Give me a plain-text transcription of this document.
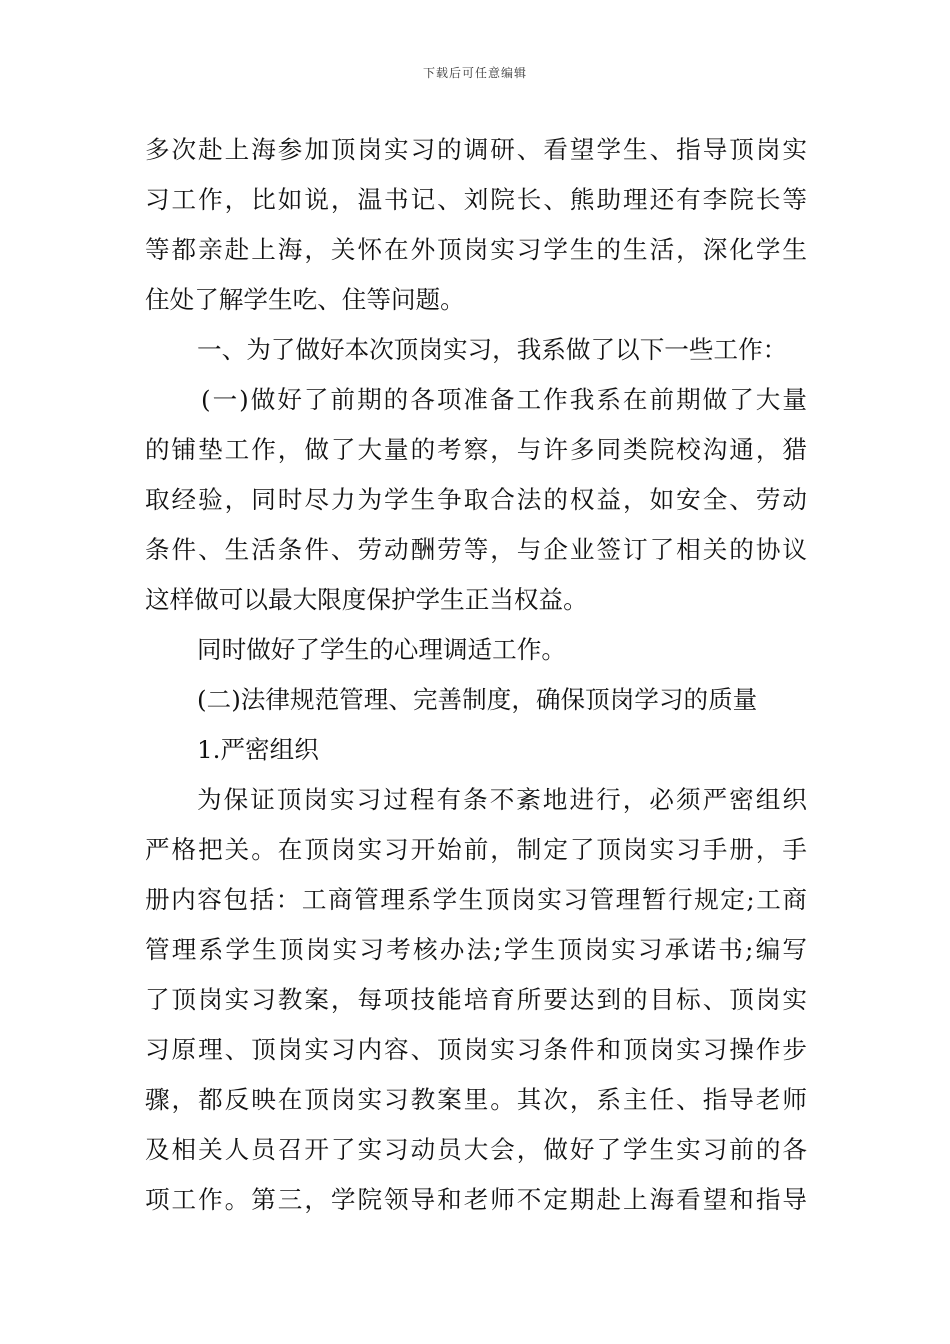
下载后可任意编辑
多次赴上海参加顶岗实习的调研、看望学生、指导顶岗实
习工作，比如说，温书记、刘院长、熊助理还有李院长等
等都亲赴上海，关怀在外顶岗实习学生的生活，深化学生
住处了解学生吃、住等问题。
一、为了做好本次顶岗实习，我系做了以下一些工作：
(一)做好了前期的各项准备工作我系在前期做了大量
的铺垫工作，做了大量的考察，与许多同类院校沟通，猎
取经验，同时尽力为学生争取合法的权益，如安全、劳动
条件、生活条件、劳动酬劳等，与企业签订了相关的协议
这样做可以最大限度保护学生正当权益。
同时做好了学生的心理调适工作。
(二)法律规范管理、完善制度，确保顶岗学习的质量
1.严密组织
为保证顶岗实习过程有条不紊地进行，必须严密组织
严格把关。在顶岗实习开始前，制定了顶岗实习手册，手
册内容包括：工商管理系学生顶岗实习管理暂行规定;工商
管理系学生顶岗实习考核办法;学生顶岗实习承诺书;编写
了顶岗实习教案，每项技能培育所要达到的目标、顶岗实
习原理、顶岗实习内容、顶岗实习条件和顶岗实习操作步
骤，都反映在顶岗实习教案里。其次，系主任、指导老师
及相关人员召开了实习动员大会，做好了学生实习前的各
项工作。第三，学院领导和老师不定期赴上海看望和指导
